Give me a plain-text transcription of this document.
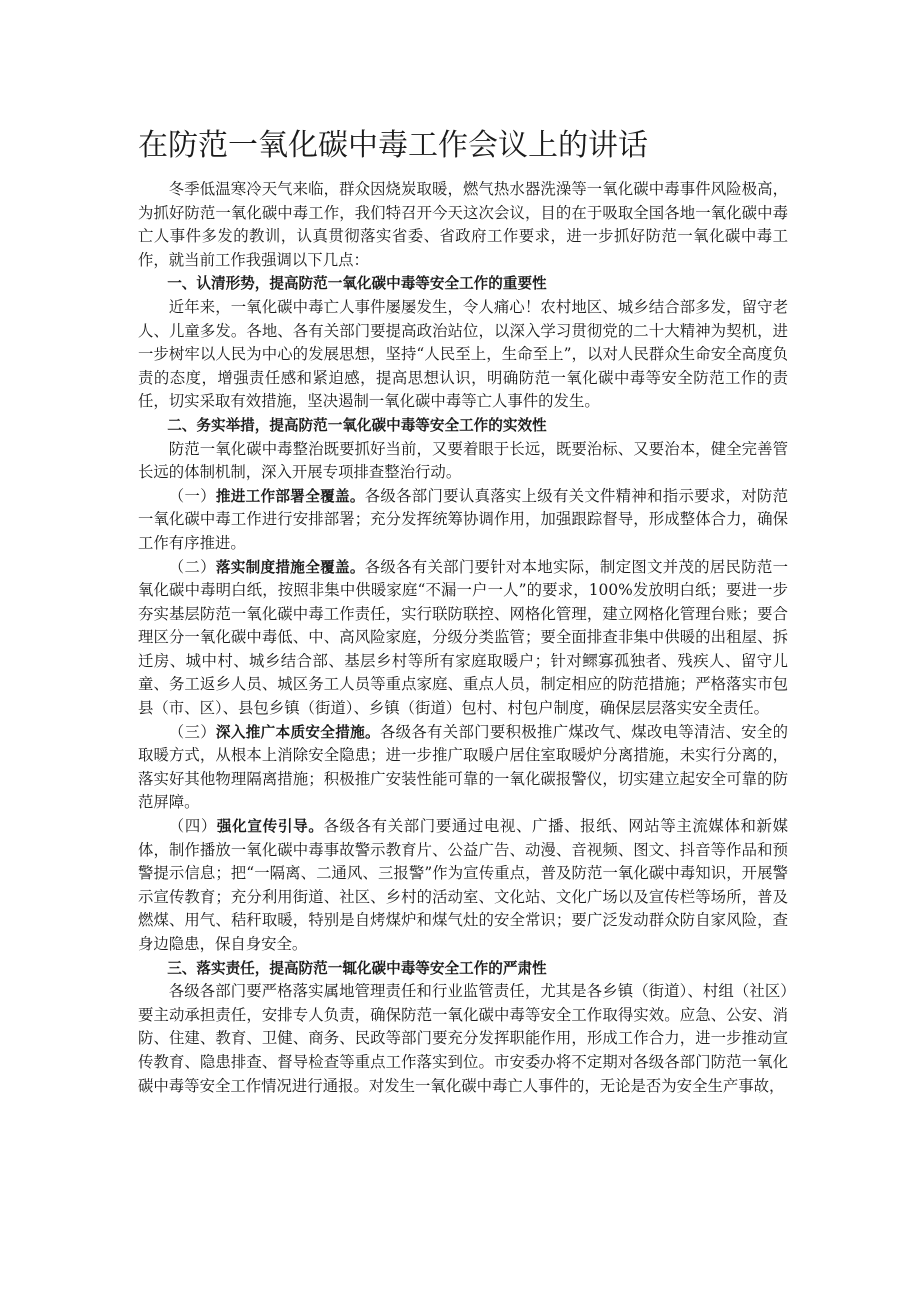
在防范一氧化碳中毒工作会议上的讲话

冬季低温寒冷天气来临，群众因烧炭取暖，燃气热水器洗澡等一氧化碳中毒事件风险极高，为抓好防范一氧化碳中毒工作，我们特召开今天这次会议，目的在于吸取全国各地一氧化碳中毒亡人事件多发的教训，认真贯彻落实省委、省政府工作要求，进一步抓好防范一氧化碳中毒工作，就当前工作我强调以下几点：

一、认清形势，提高防范一氧化碳中毒等安全工作的重要性

近年来，一氧化碳中毒亡人事件屡屡发生，令人痛心！农村地区、城乡结合部多发，留守老人、儿童多发。各地、各有关部门要提高政治站位，以深入学习贯彻党的二十大精神为契机，进一步树牢以人民为中心的发展思想，坚持“人民至上，生命至上”，以对人民群众生命安全高度负责的态度，增强责任感和紧迫感，提高思想认识，明确防范一氧化碳中毒等安全防范工作的责任，切实采取有效措施，坚决遏制一氧化碳中毒等亡人事件的发生。

二、务实举措，提高防范一氧化碳中毒等安全工作的实效性

防范一氧化碳中毒整治既要抓好当前，又要着眼于长远，既要治标、又要治本，健全完善管长远的体制机制，深入开展专项排查整治行动。

（一）推进工作部署全覆盖。各级各部门要认真落实上级有关文件精神和指示要求，对防范一氧化碳中毒工作进行安排部署；充分发挥统筹协调作用，加强跟踪督导，形成整体合力，确保工作有序推进。

（二）落实制度措施全覆盖。各级各有关部门要针对本地实际，制定图文并茂的居民防范一氧化碳中毒明白纸，按照非集中供暖家庭“不漏一户一人”的要求，100%发放明白纸；要进一步夯实基层防范一氧化碳中毒工作责任，实行联防联控、网格化管理，建立网格化管理台账；要合理区分一氧化碳中毒低、中、高风险家庭，分级分类监管；要全面排查非集中供暖的出租屋、拆迁房、城中村、城乡结合部、基层乡村等所有家庭取暖户；针对鳏寡孤独者、残疾人、留守儿童、务工返乡人员、城区务工人员等重点家庭、重点人员，制定相应的防范措施；严格落实市包县（市、区）、县包乡镇（街道）、乡镇（街道）包村、村包户制度，确保层层落实安全责任。

（三）深入推广本质安全措施。各级各有关部门要积极推广煤改气、煤改电等清洁、安全的取暖方式，从根本上消除安全隐患；进一步推广取暖户居住室取暖炉分离措施，未实行分离的，落实好其他物理隔离措施；积极推广安装性能可靠的一氧化碳报警仪，切实建立起安全可靠的防范屏障。

（四）强化宣传引导。各级各有关部门要通过电视、广播、报纸、网站等主流媒体和新媒体，制作播放一氧化碳中毒事故警示教育片、公益广告、动漫、音视频、图文、抖音等作品和预警提示信息；把“一隔离、二通风、三报警”作为宣传重点，普及防范一氧化碳中毒知识，开展警示宣传教育；充分利用街道、社区、乡村的活动室、文化站、文化广场以及宣传栏等场所，普及燃煤、用气、秸秆取暖，特别是自烤煤炉和煤气灶的安全常识；要广泛发动群众防自家风险，查身边隐患，保自身安全。

三、落实责任，提高防范一辄化碳中毒等安全工作的严肃性

各级各部门要严格落实属地管理责任和行业监管责任，尤其是各乡镇（街道）、村组（社区）要主动承担责任，安排专人负责，确保防范一氧化碳中毒等安全工作取得实效。应急、公安、消防、住建、教育、卫健、商务、民政等部门要充分发挥职能作用，形成工作合力，进一步推动宣传教育、隐患排查、督导检查等重点工作落实到位。市安委办将不定期对各级各部门防范一氧化碳中毒等安全工作情况进行通报。对发生一氧化碳中毒亡人事件的，无论是否为安全生产事故，
